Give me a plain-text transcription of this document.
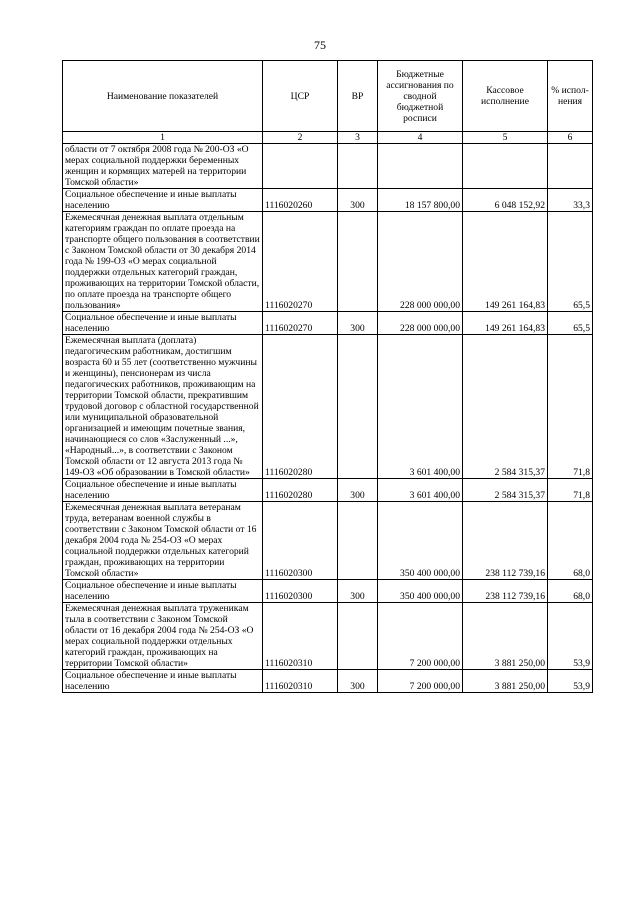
75
Наименование показателей	ЦСР	ВР	Бюджетные ассигнования по сводной бюджетной росписи	Кассовое исполнение	% испол-нения
1	2	3	4	5	6
области от 7 октября 2008 года № 200-ОЗ «О мерах социальной поддержки беременных женщин и кормящих матерей на территории Томской области»					
Социальное обеспечение и иные выплаты населению	1116020260	300	18 157 800,00	6 048 152,92	33,3
Ежемесячная денежная выплата отдельным категориям граждан по оплате проезда на транспорте общего пользования в соответствии с Законом Томской области от 30 декабря 2014 года № 199-ОЗ «О мерах социальной поддержки отдельных категорий граждан, проживающих на территории Томской области, по оплате проезда на транспорте общего пользования»	1116020270		228 000 000,00	149 261 164,83	65,5
Социальное обеспечение и иные выплаты населению	1116020270	300	228 000 000,00	149 261 164,83	65,5
Ежемесячная выплата (доплата) педагогическим работникам, достигшим возраста 60 и 55 лет (соответственно мужчины и женщины), пенсионерам из числа педагогических работников, проживающим на территории Томской области, прекратившим трудовой договор с областной государственной или муниципальной образовательной организацией и имеющим почетные звания, начинающиеся со слов «Заслуженный ...», «Народный...», в соответствии с Законом Томской области от 12 августа 2013 года № 149-ОЗ «Об образовании в Томской области»	1116020280		3 601 400,00	2 584 315,37	71,8
Социальное обеспечение и иные выплаты населению	1116020280	300	3 601 400,00	2 584 315,37	71,8
Ежемесячная денежная выплата ветеранам труда, ветеранам военной службы в соответствии с Законом Томской области от 16 декабря 2004 года № 254-ОЗ «О мерах социальной поддержки отдельных категорий граждан, проживающих на территории Томской области»	1116020300		350 400 000,00	238 112 739,16	68,0
Социальное обеспечение и иные выплаты населению	1116020300	300	350 400 000,00	238 112 739,16	68,0
Ежемесячная денежная выплата труженикам тыла в соответствии с Законом Томской области от 16 декабря 2004 года № 254-ОЗ «О мерах социальной поддержки отдельных категорий граждан, проживающих на территории Томской области»	1116020310		7 200 000,00	3 881 250,00	53,9
Социальное обеспечение и иные выплаты населению	1116020310	300	7 200 000,00	3 881 250,00	53,9
